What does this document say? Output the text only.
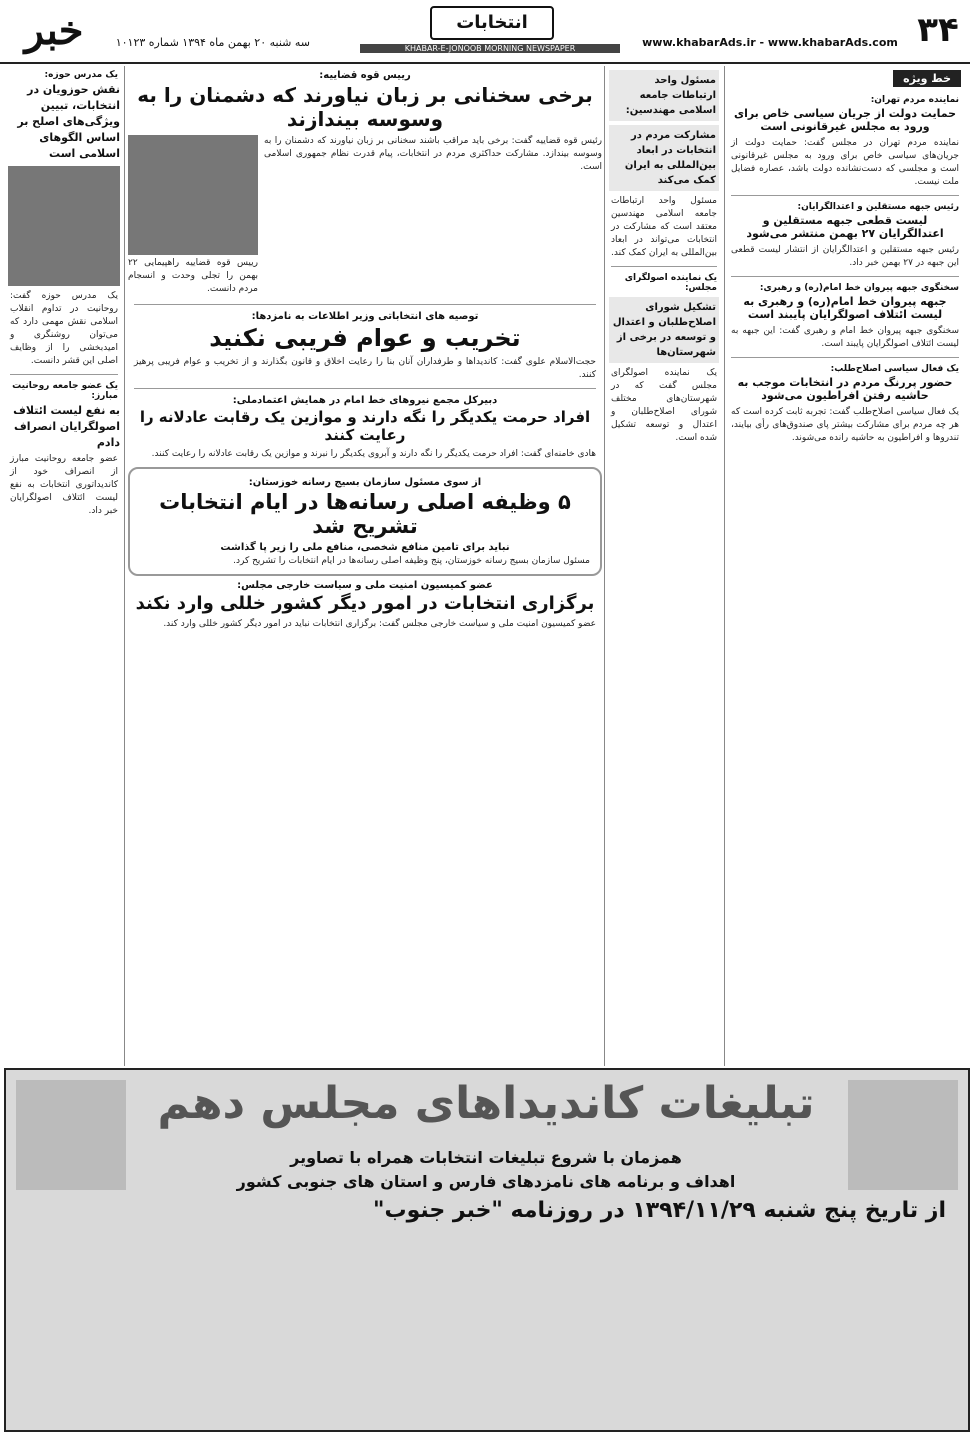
۳۴
www.khabarAds.ir - www.khabarAds.com
انتخابات
KHABAR-E-JONOOB MORNING NEWSPAPER
سه شنبه ۲۰ بهمن ماه ۱۳۹۴ شماره ۱۰۱۲۳
خبر
خط ویژه
نماینده مردم تهران:
حمایت دولت از جریان سیاسی خاص برای ورود به مجلس غیرقانونی است
نماینده مردم تهران در مجلس گفت: حمایت دولت از جریان‌های سیاسی خاص برای ورود به مجلس غیرقانونی است و مجلسی که دست‌نشانده دولت باشد، عصاره فضایل ملت نیست.
رئیس جبهه مستقلین و اعتدالگرایان:
لیست قطعی جبهه مستقلین و اعتدالگرایان ۲۷ بهمن منتشر می‌شود
رئیس جبهه مستقلین و اعتدالگرایان از انتشار لیست قطعی این جبهه در ۲۷ بهمن خبر داد.
سخنگوی جبهه پیروان خط امام(ره) و رهبری:
جبهه پیروان خط امام(ره) و رهبری به لیست ائتلاف اصولگرایان پایبند است
سخنگوی جبهه پیروان خط امام و رهبری گفت: این جبهه به لیست ائتلاف اصولگرایان پایبند است.
یک فعال سیاسی اصلاح‌طلب:
حضور پررنگ مردم در انتخابات موجب به حاشیه رفتن افراطیون می‌شود
یک فعال سیاسی اصلاح‌طلب گفت: تجربه ثابت کرده است که هر چه مردم برای مشارکت بیشتر پای صندوق‌های رأی بیایند، تندروها و افراطیون به حاشیه رانده می‌شوند.
مسئول واحد ارتباطات جامعه اسلامی مهندسین:
مشارکت مردم در انتخابات در ابعاد بین‌المللی به ایران کمک می‌کند
مسئول واحد ارتباطات جامعه اسلامی مهندسین معتقد است که مشارکت در انتخابات می‌تواند در ابعاد بین‌المللی به ایران کمک کند.
یک نماینده اصولگرای مجلس:
تشکیل شورای اصلاح‌طلبان و اعتدال و توسعه در برخی از شهرستان‌ها
یک نماینده اصولگرای مجلس گفت که در شهرستان‌های مختلف شورای اصلاح‌طلبان و اعتدال و توسعه تشکیل شده است.
رییس قوه قضاییه:
برخی سخنانی بر زبان نیاورند که دشمنان را به وسوسه بیندازند
رئیس قوه قضاییه گفت: برخی باید مراقب باشند سخنانی بر زبان نیاورند که دشمنان را به وسوسه بیندازد. مشارکت حداکثری مردم در انتخابات، پیام قدرت نظام جمهوری اسلامی است.
رییس قوه قضاییه راهپیمایی ۲۲ بهمن را تجلی وحدت و انسجام مردم دانست.
توصیه های انتخاباتی وزیر اطلاعات به نامزدها:
تخریب و عوام فریبی نکنید
حجت‌الاسلام علوی گفت: کاندیداها و طرفداران آنان بنا را رعایت اخلاق و قانون بگذارند و از تخریب و عوام فریبی پرهیز کنند.
دبیرکل مجمع نیروهای خط امام در همایش اعتمادملی:
افراد حرمت یکدیگر را نگه دارند و موازین یک رقابت عادلانه را رعایت کنند
هادی خامنه‌ای گفت: افراد حرمت یکدیگر را نگه دارند و آبروی یکدیگر را نبرند و موازین یک رقابت عادلانه را رعایت کنند.
از سوی مسئول سازمان بسیج رسانه خوزستان:
۵ وظیفه اصلی رسانه‌ها در ایام انتخابات تشریح شد
نباید برای تامین منافع شخصی، منافع ملی را زیر پا گذاشت
مسئول سازمان بسیج رسانه خوزستان، پنج وظیفه اصلی رسانه‌ها در ایام انتخابات را تشریح کرد.
عضو کمیسیون امنیت ملی و سیاست خارجی مجلس:
برگزاری انتخابات در امور دیگر کشور خللی وارد نکند
عضو کمیسیون امنیت ملی و سیاست خارجی مجلس گفت: برگزاری انتخابات نباید در امور دیگر کشور خللی وارد کند.
یک مدرس حوزه:
نقش حوزویان در انتخابات، تبیین ویژگی‌های اصلح بر اساس الگوهای اسلامی است
یک مدرس حوزه گفت: روحانیت در تداوم انقلاب اسلامی نقش مهمی دارد که می‌توان روشنگری و امیدبخشی را از وظایف اصلی این قشر دانست.
یک عضو جامعه روحانیت مبارز:
به نفع لیست ائتلاف اصولگرایان انصراف دادم
عضو جامعه روحانیت مبارز از انصراف خود از کاندیداتوری انتخابات به نفع لیست ائتلاف اصولگرایان خبر داد.
تبلیغات کاندیداهای مجلس دهم
همزمان با شروع تبلیغات انتخابات همراه با تصاویر
اهداف و برنامه های نامزدهای فارس و استان های جنوبی کشور
از تاریخ پنج شنبه ۱۳۹۴/۱۱/۲۹ در روزنامه "خبر جنوب"
